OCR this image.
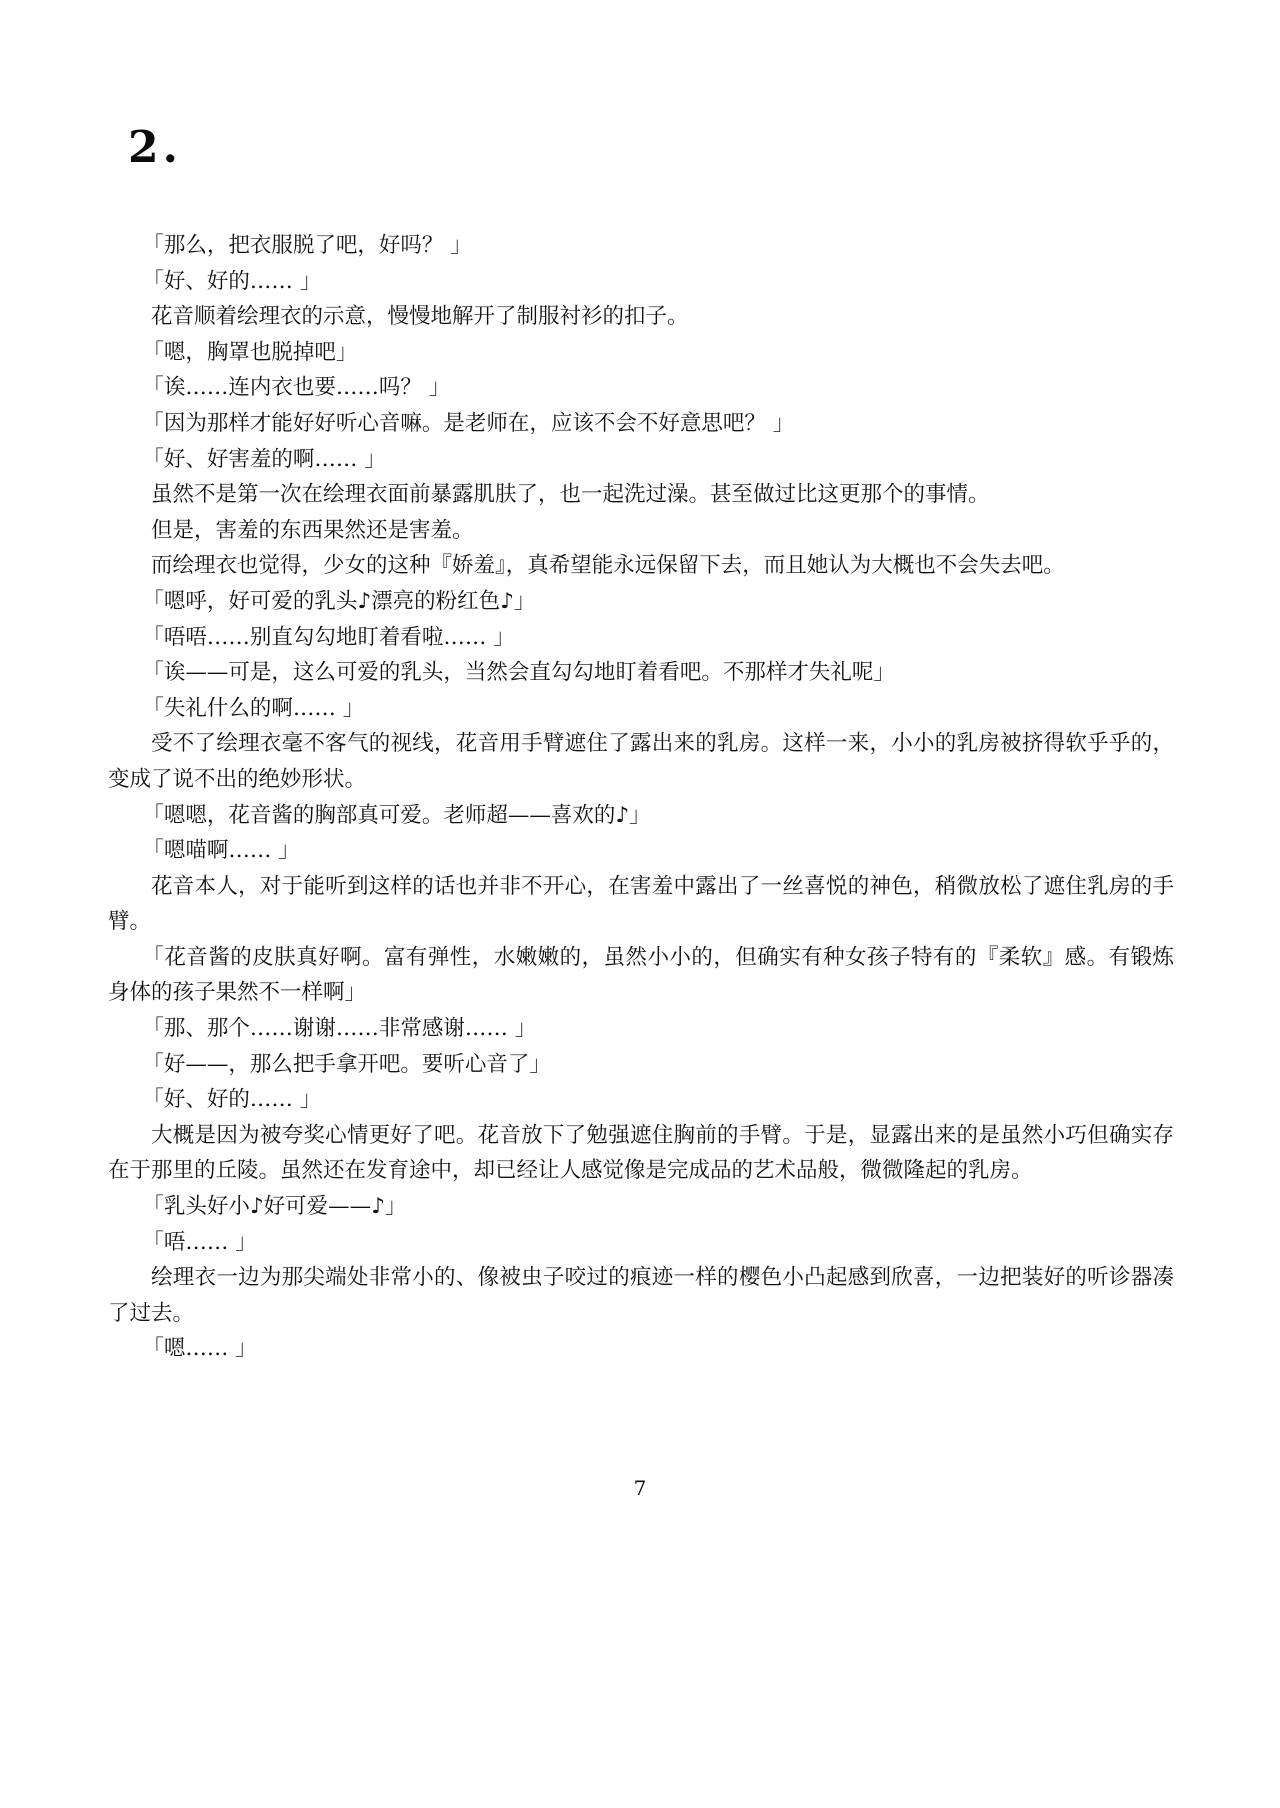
2.

「那么，把衣服脱了吧，好吗？ 」

「好、好的…… 」

花音顺着绘理衣的示意，慢慢地解开了制服衬衫的扣子。

「嗯，胸罩也脱掉吧」

「诶……连内衣也要……吗？ 」

「因为那样才能好好听心音嘛。是老师在，应该不会不好意思吧？ 」

「好、好害羞的啊…… 」

虽然不是第一次在绘理衣面前暴露肌肤了，也一起洗过澡。甚至做过比这更那个的事情。

但是，害羞的东西果然还是害羞。

而绘理衣也觉得，少女的这种『娇羞』，真希望能永远保留下去，而且她认为大概也不会失去吧。

「嗯呼，好可爱的乳头♪漂亮的粉红色♪」

「唔唔……别直勾勾地盯着看啦…… 」

「诶——可是，这么可爱的乳头，当然会直勾勾地盯着看吧。不那样才失礼呢」

「失礼什么的啊…… 」

受不了绘理衣毫不客气的视线，花音用手臂遮住了露出来的乳房。这样一来，小小的乳房被挤得软乎乎的，变成了说不出的绝妙形状。

「嗯嗯，花音酱的胸部真可爱。老师超——喜欢的♪」

「嗯喵啊…… 」

花音本人，对于能听到这样的话也并非不开心，在害羞中露出了一丝喜悦的神色，稍微放松了遮住乳房的手臂。

「花音酱的皮肤真好啊。富有弹性，水嫩嫩的，虽然小小的，但确实有种女孩子特有的『柔软』感。有锻炼身体的孩子果然不一样啊」

「那、那个……谢谢……非常感谢…… 」

「好——，那么把手拿开吧。要听心音了」

「好、好的…… 」

大概是因为被夸奖心情更好了吧。花音放下了勉强遮住胸前的手臂。于是，显露出来的是虽然小巧但确实存在于那里的丘陵。虽然还在发育途中，却已经让人感觉像是完成品的艺术品般，微微隆起的乳房。

「乳头好小♪好可爱——♪」

「唔…… 」

绘理衣一边为那尖端处非常小的、像被虫子咬过的痕迹一样的樱色小凸起感到欣喜，一边把装好的听诊器凑了过去。

「嗯…… 」

7
